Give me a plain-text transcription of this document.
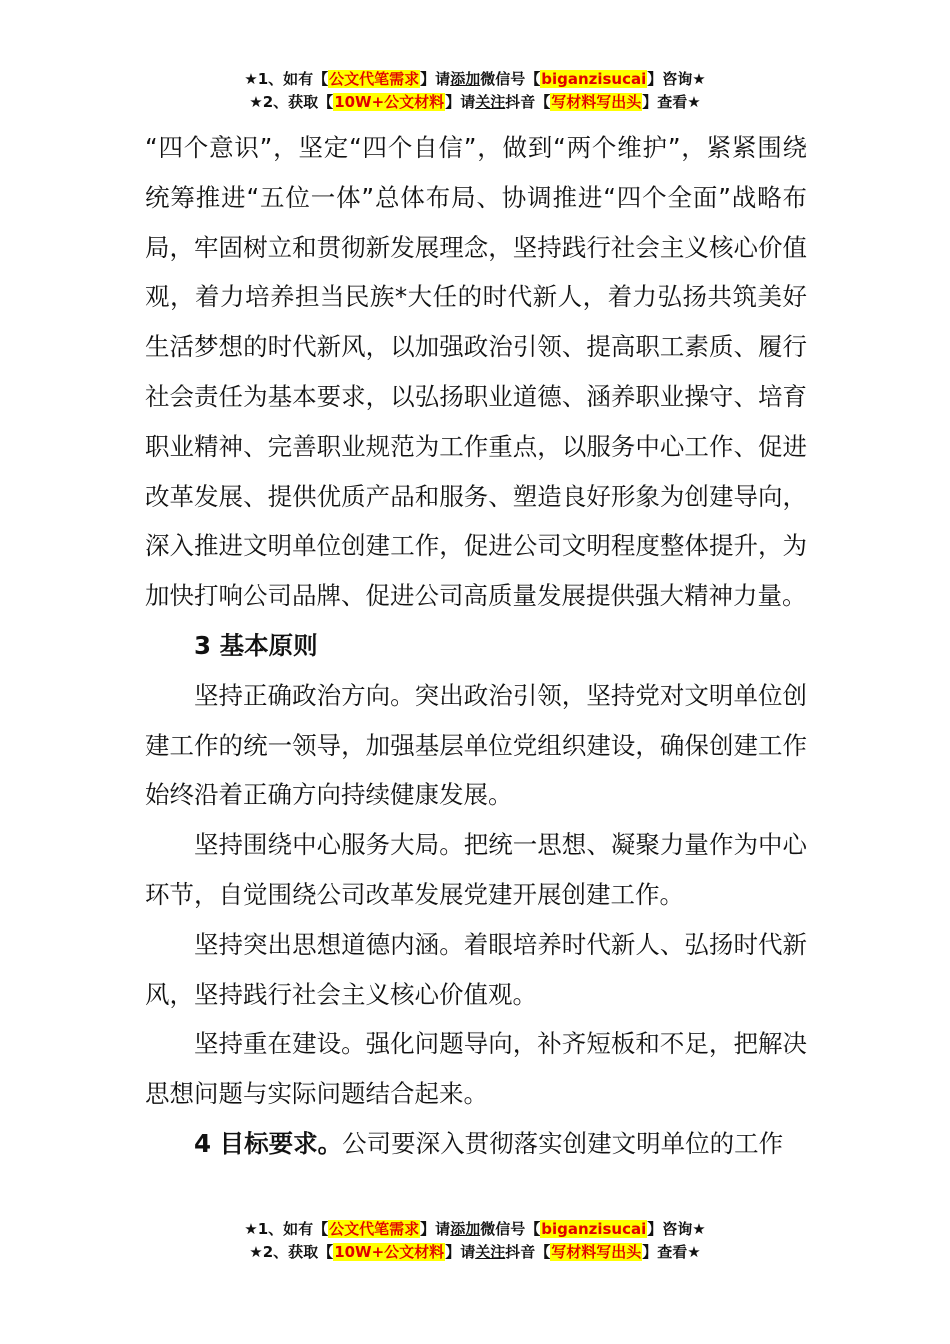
★1、如有【公文代笔需求】请添加微信号【biganzisucai】咨询★
★2、获取【10W+公文材料】请关注抖音【写材料写出头】查看★

“四个意识”，坚定“四个自信”，做到“两个维护”，紧紧围绕统筹推进“五位一体”总体布局、协调推进“四个全面”战略布局，牢固树立和贯彻新发展理念，坚持践行社会主义核心价值观，着力培养担当民族*大任的时代新人，着力弘扬共筑美好生活梦想的时代新风，以加强政治引领、提高职工素质、履行社会责任为基本要求，以弘扬职业道德、涵养职业操守、培育职业精神、完善职业规范为工作重点，以服务中心工作、促进改革发展、提供优质产品和服务、塑造良好形象为创建导向，深入推进文明单位创建工作，促进公司文明程度整体提升，为加快打响公司品牌、促进公司高质量发展提供强大精神力量。

3 基本原则

坚持正确政治方向。突出政治引领，坚持党对文明单位创建工作的统一领导，加强基层单位党组织建设，确保创建工作始终沿着正确方向持续健康发展。

坚持围绕中心服务大局。把统一思想、凝聚力量作为中心环节，自觉围绕公司改革发展党建开展创建工作。

坚持突出思想道德内涵。着眼培养时代新人、弘扬时代新风，坚持践行社会主义核心价值观。

坚持重在建设。强化问题导向，补齐短板和不足，把解决思想问题与实际问题结合起来。

4 目标要求。公司要深入贯彻落实创建文明单位的工作

★1、如有【公文代笔需求】请添加微信号【biganzisucai】咨询★
★2、获取【10W+公文材料】请关注抖音【写材料写出头】查看★
